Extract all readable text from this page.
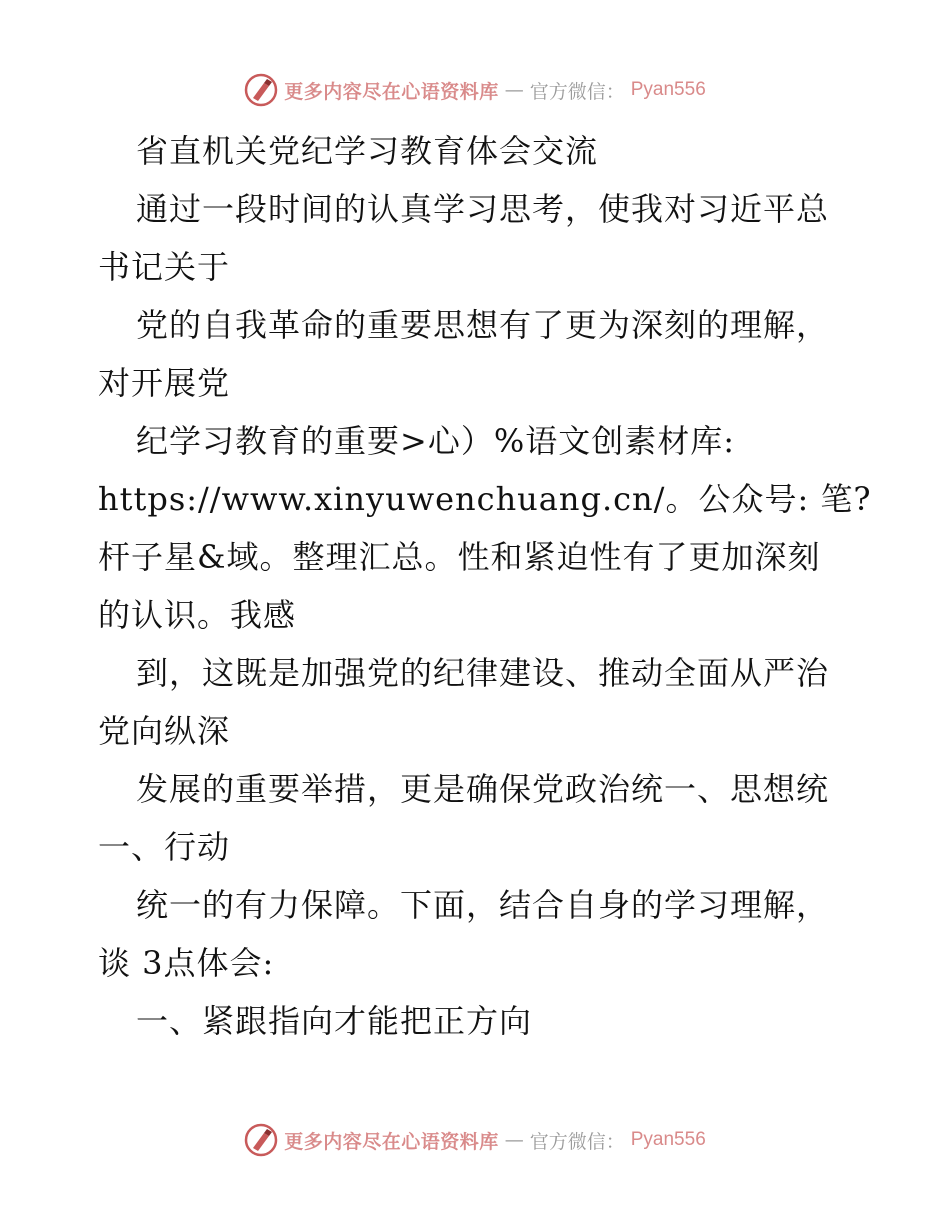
更多内容尽在心语资料库 — 官方微信： Pyan556
省直机关党纪学习教育体会交流
通过一段时间的认真学习思考，使我对习近平总
书记关于
党的自我革命的重要思想有了更为深刻的理解，
对开展党
纪学习教育的重要>心）%语文创素材库:
https://www.xinyuwenchuang.cn/。公众号: 笔?
杆子星&域。整理汇总。性和紧迫性有了更加深刻
的认识。我感
到，这既是加强党的纪律建设、推动全面从严治
党向纵深
发展的重要举措，更是确保党政治统一、思想统
一、行动
统一的有力保障。下面，结合自身的学习理解，
谈 3点体会:
一、紧跟指向才能把正方向
更多内容尽在心语资料库 — 官方微信： Pyan556
